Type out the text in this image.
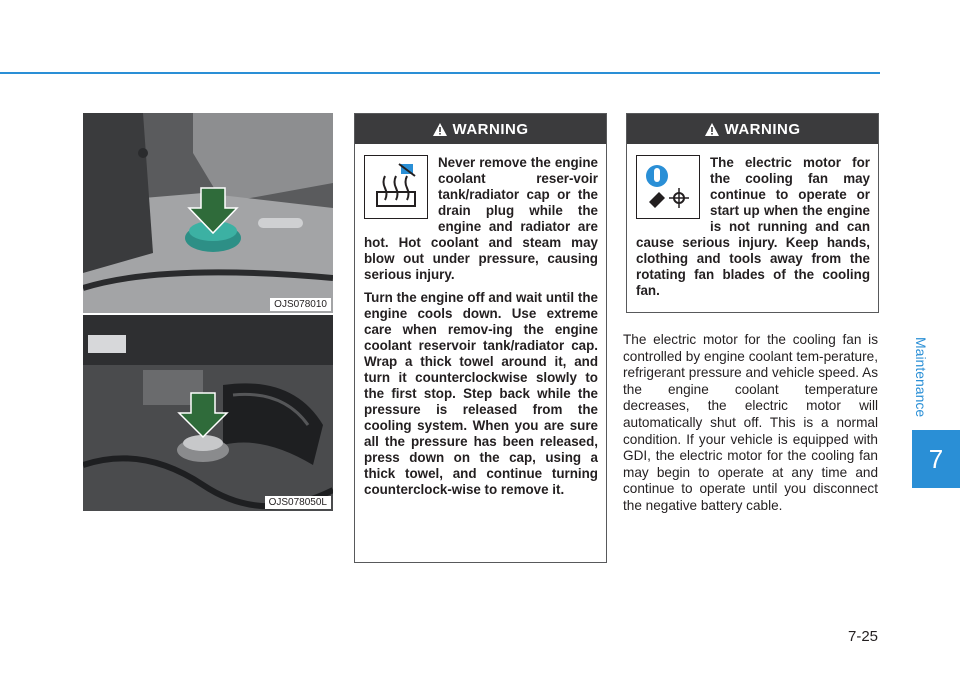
Maintenance
7
OJS078010
OJS078050L
WARNING

Never remove the engine coolant reser-voir tank/radiator cap or the drain plug while the engine and radiator are hot. Hot coolant and steam may blow out under pressure, causing serious injury.

Turn the engine off and wait until the engine cools down. Use extreme care when remov-ing the engine coolant reservoir tank/radiator cap. Wrap a thick towel around it, and turn it counterclockwise slowly to the first stop. Step back while the pressure is released from the cooling system. When you are sure all the pressure has been released, press down on the cap, using a thick towel, and continue turning counterclock-wise to remove it.

WARNING

The electric motor for the cooling fan may continue to operate or start up when the engine is not running and can cause serious injury. Keep hands, clothing and tools away from the rotating fan blades of the cooling fan.

The electric motor for the cooling fan is controlled by engine coolant tem-perature, refrigerant pressure and vehicle speed. As the engine coolant temperature decreases, the electric motor will automatically shut off. This is a normal condition. If your vehicle is equipped with GDI, the electric motor for the cooling fan may begin to operate at any time and continue to operate until you disconnect the negative battery cable.
7-25
